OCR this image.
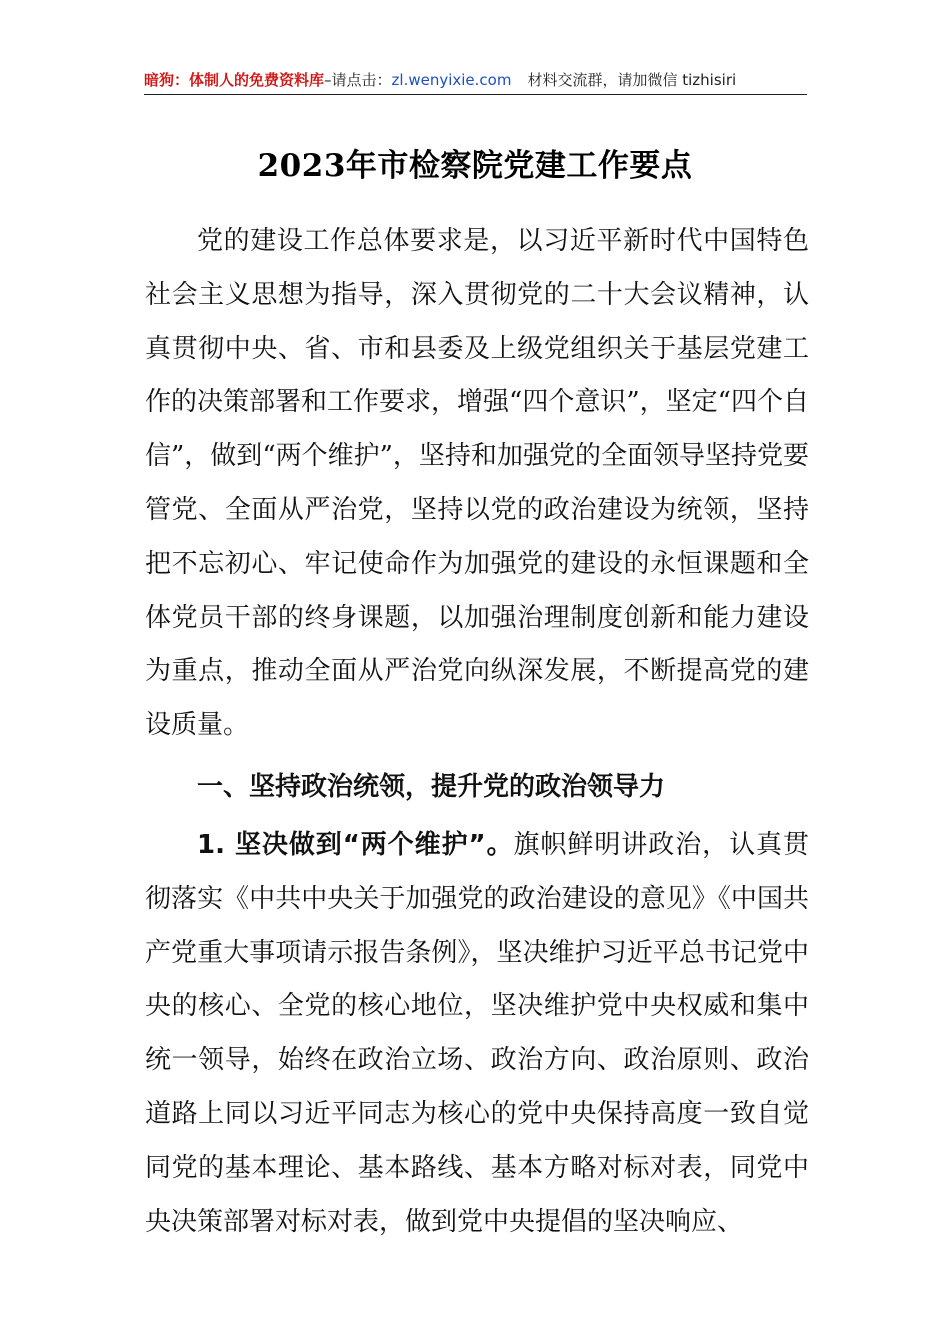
暗狗：体制人的免费资料库–请点击：zl.wenyixie.com 材料交流群，请加微信 tizhisiri
2023年市检察院党建工作要点

党的建设工作总体要求是，以习近平新时代中国特色社会主义思想为指导，深入贯彻党的二十大会议精神，认真贯彻中央、省、市和县委及上级党组织关于基层党建工作的决策部署和工作要求，增强“四个意识”，坚定“四个自信”，做到“两个维护”，坚持和加强党的全面领导坚持党要管党、全面从严治党，坚持以党的政治建设为统领，坚持把不忘初心、牢记使命作为加强党的建设的永恒课题和全体党员干部的终身课题，以加强治理制度创新和能力建设为重点，推动全面从严治党向纵深发展，不断提高党的建设质量。

一、坚持政治统领，提升党的政治领导力

1. 坚决做到“两个维护”。旗帜鲜明讲政治，认真贯彻落实《中共中央关于加强党的政治建设的意见》《中国共产党重大事项请示报告条例》，坚决维护习近平总书记党中央的核心、全党的核心地位，坚决维护党中央权威和集中统一领导，始终在政治立场、政治方向、政治原则、政治道路上同以习近平同志为核心的党中央保持高度一致自觉同党的基本理论、基本路线、基本方略对标对表，同党中央决策部署对标对表，做到党中央提倡的坚决响应、
